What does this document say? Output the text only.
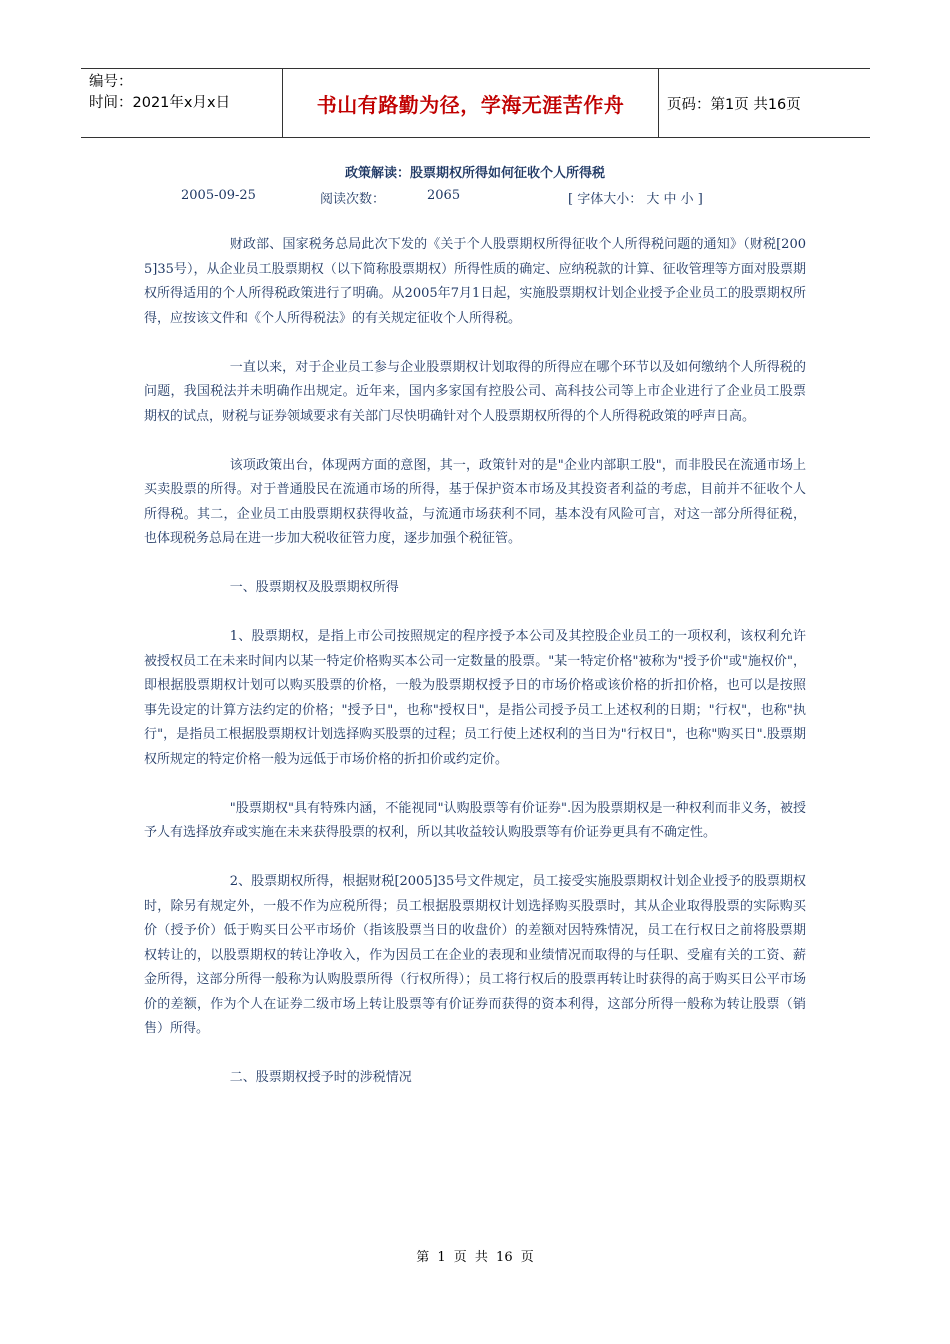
编号：
时间：2021年x月x日	书山有路勤为径，学海无涯苦作舟	页码：第1页 共16页
政策解读：股票期权所得如何征收个人所得税
2005-09-25	阅读次数：	2065	[ 字体大小： 大 中 小 ]

财政部、国家税务总局此次下发的《关于个人股票期权所得征收个人所得税问题的通知》（财税[2005]35号），从企业员工股票期权（以下简称股票期权）所得性质的确定、应纳税款的计算、征收管理等方面对股票期权所得适用的个人所得税政策进行了明确。从2005年7月1日起，实施股票期权计划企业授予企业员工的股票期权所得，应按该文件和《个人所得税法》的有关规定征收个人所得税。

一直以来，对于企业员工参与企业股票期权计划取得的所得应在哪个环节以及如何缴纳个人所得税的问题，我国税法并未明确作出规定。近年来，国内多家国有控股公司、高科技公司等上市企业进行了企业员工股票期权的试点，财税与证券领域要求有关部门尽快明确针对个人股票期权所得的个人所得税政策的呼声日高。

该项政策出台，体现两方面的意图，其一，政策针对的是"企业内部职工股"，而非股民在流通市场上买卖股票的所得。对于普通股民在流通市场的所得，基于保护资本市场及其投资者利益的考虑，目前并不征收个人所得税。其二，企业员工由股票期权获得收益，与流通市场获利不同，基本没有风险可言，对这一部分所得征税，也体现税务总局在进一步加大税收征管力度，逐步加强个税征管。

一、股票期权及股票期权所得

1、股票期权，是指上市公司按照规定的程序授予本公司及其控股企业员工的一项权利，该权利允许被授权员工在未来时间内以某一特定价格购买本公司一定数量的股票。"某一特定价格"被称为"授予价"或"施权价"，即根据股票期权计划可以购买股票的价格，一般为股票期权授予日的市场价格或该价格的折扣价格，也可以是按照事先设定的计算方法约定的价格；"授予日"，也称"授权日"，是指公司授予员工上述权利的日期；"行权"，也称"执行"，是指员工根据股票期权计划选择购买股票的过程；员工行使上述权利的当日为"行权日"，也称"购买日".股票期权所规定的特定价格一般为远低于市场价格的折扣价或约定价。

"股票期权"具有特殊内涵，不能视同"认购股票等有价证券".因为股票期权是一种权利而非义务，被授予人有选择放弃或实施在未来获得股票的权利，所以其收益较认购股票等有价证券更具有不确定性。

2、股票期权所得，根据财税[2005]35号文件规定，员工接受实施股票期权计划企业授予的股票期权时，除另有规定外，一般不作为应税所得；员工根据股票期权计划选择购买股票时，其从企业取得股票的实际购买价（授予价）低于购买日公平市场价（指该股票当日的收盘价）的差额对因特殊情况，员工在行权日之前将股票期权转让的，以股票期权的转让净收入，作为因员工在企业的表现和业绩情况而取得的与任职、受雇有关的工资、薪金所得，这部分所得一般称为认购股票所得（行权所得）；员工将行权后的股票再转让时获得的高于购买日公平市场价的差额，作为个人在证券二级市场上转让股票等有价证券而获得的资本利得，这部分所得一般称为转让股票（销售）所得。

二、股票期权授予时的涉税情况

第 1 页 共 16 页
